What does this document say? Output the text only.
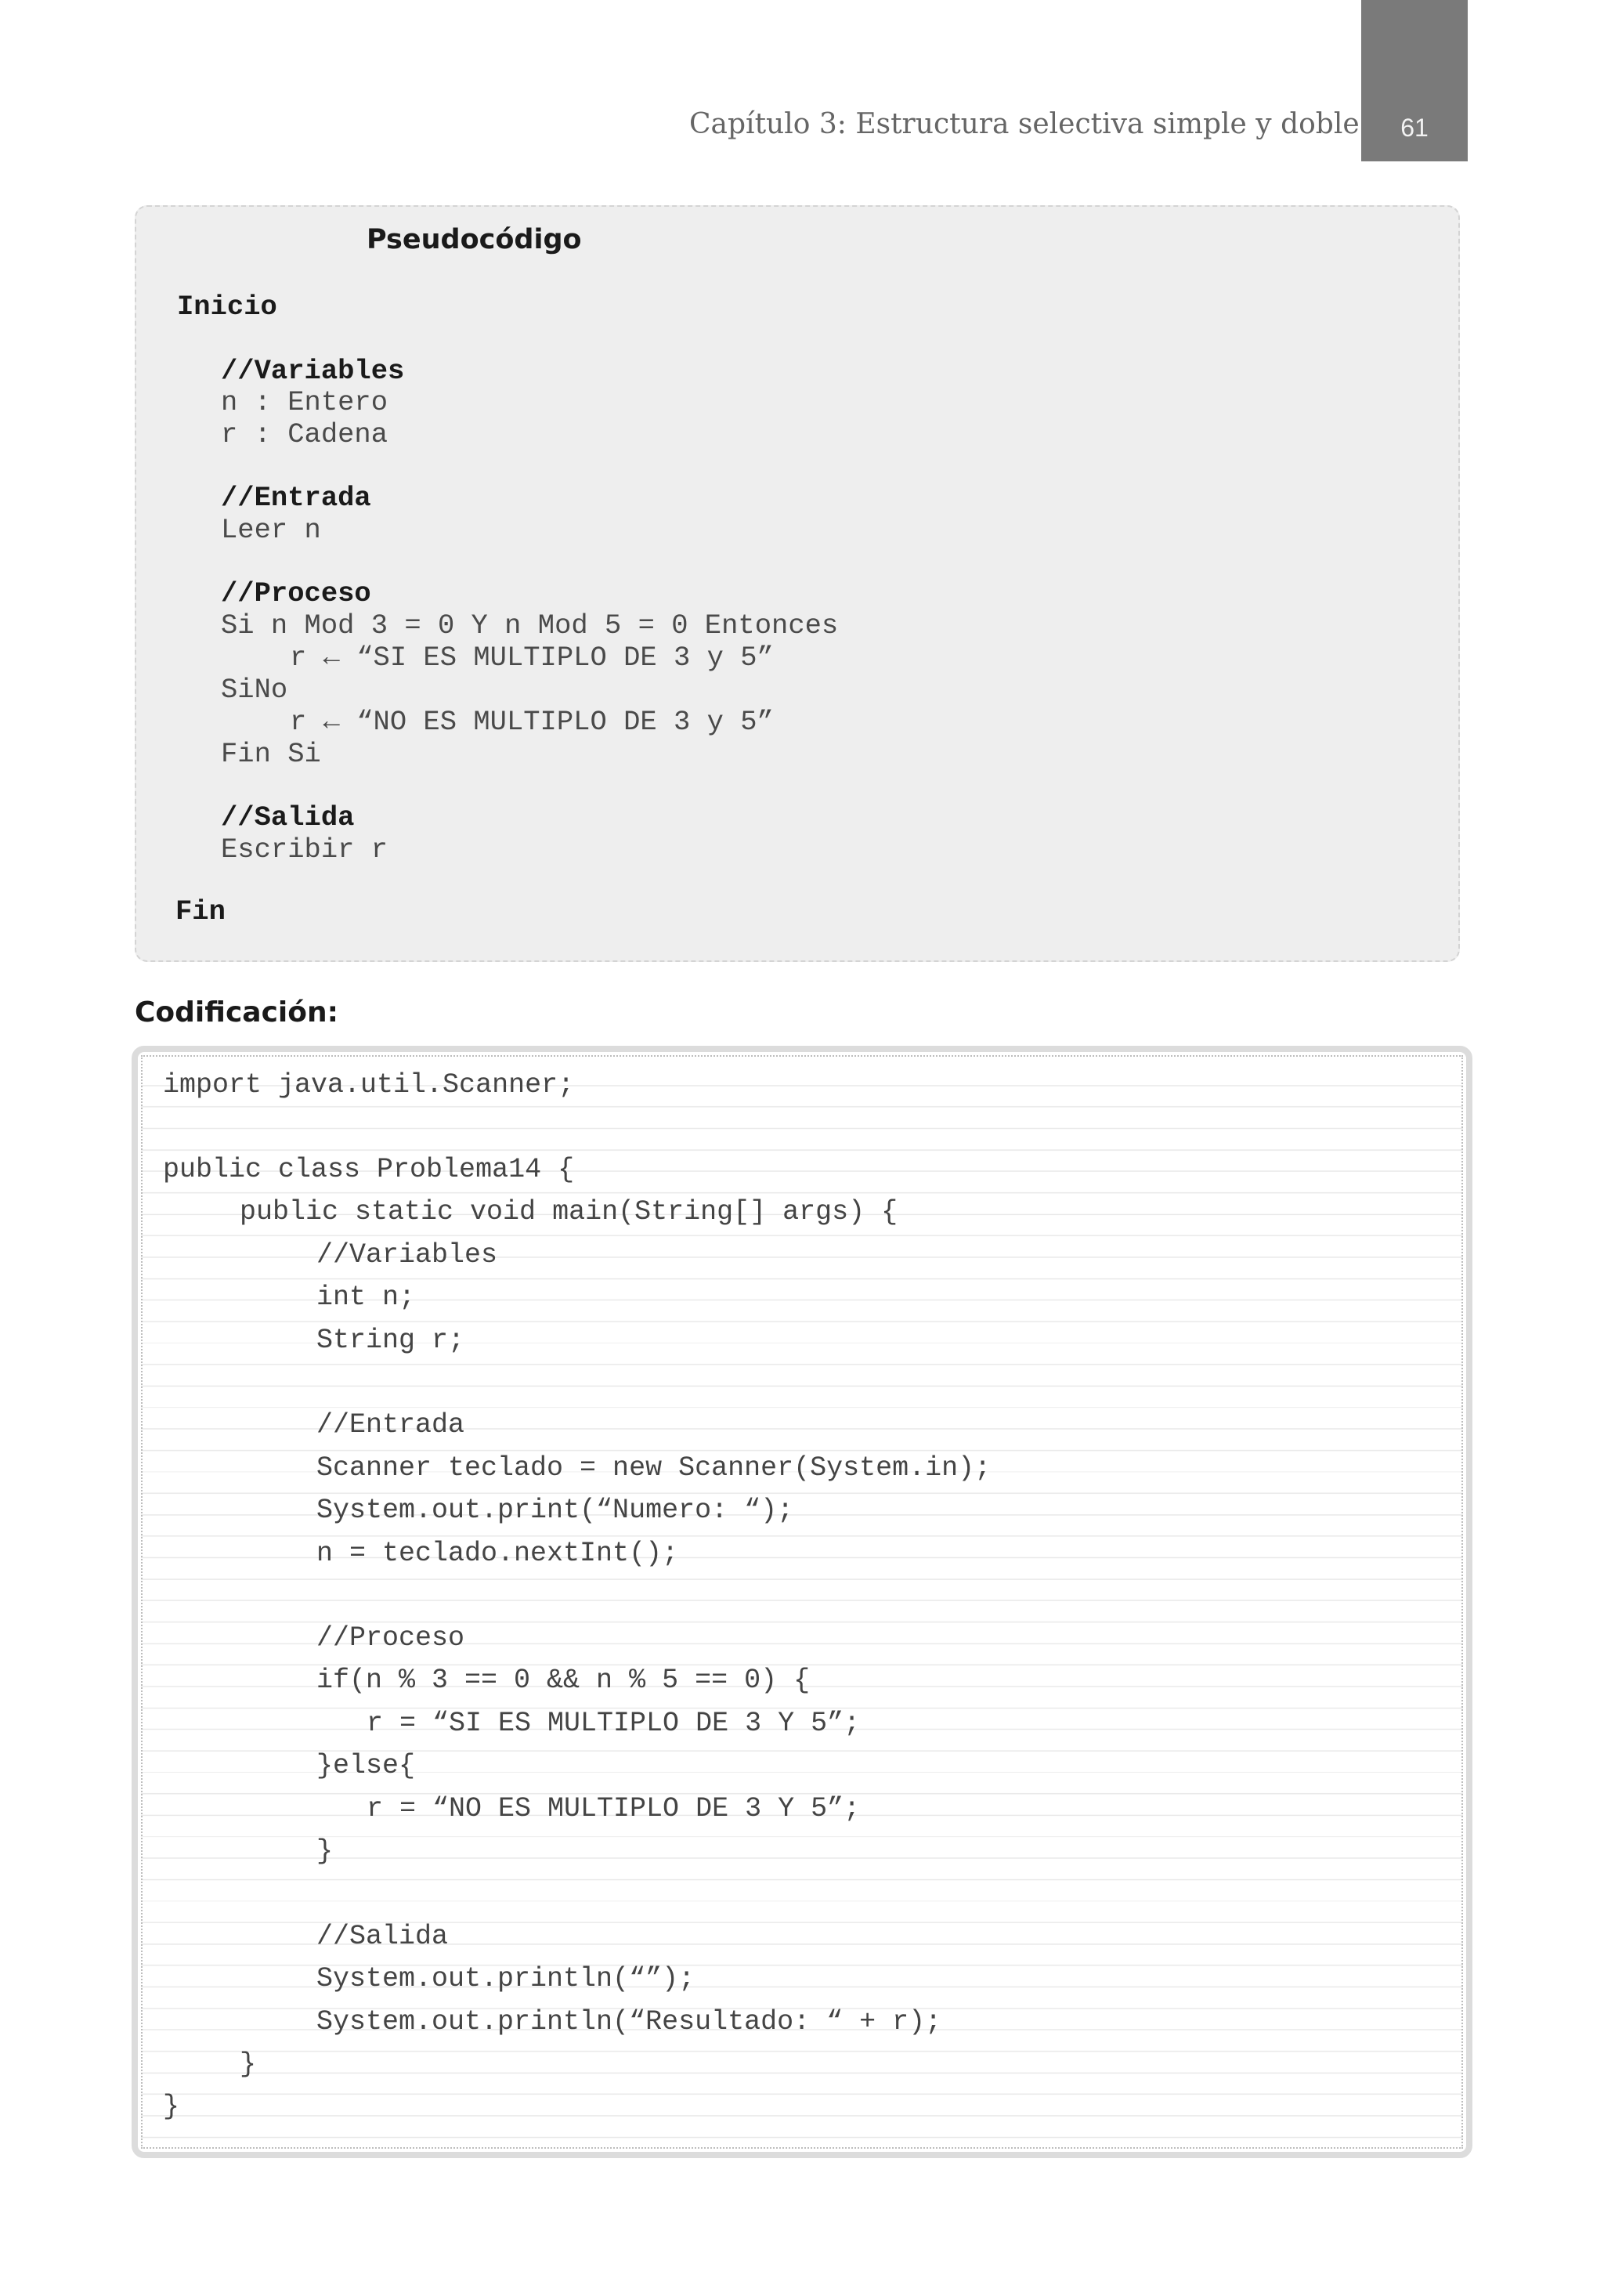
Capítulo 3: Estructura selectiva simple y doble	61
Pseudocódigo
Inicio
//Variables
n : Entero
r : Cadena
//Entrada
Leer n
//Proceso
Si n Mod 3 = 0 Y n Mod 5 = 0 Entonces
r ← “SI ES MULTIPLO DE 3 y 5”
SiNo
r ← “NO ES MULTIPLO DE 3 y 5”
Fin Si
//Salida
Escribir r
Fin
Codificación:
import java.util.Scanner;
public class Problema14 {
public static void main(String[] args) {
//Variables
int n;
String r;
//Entrada
Scanner teclado = new Scanner(System.in);
System.out.print(“Numero: “);
n = teclado.nextInt();
//Proceso
if(n % 3 == 0 && n % 5 == 0) {
r = “SI ES MULTIPLO DE 3 Y 5”;
}else{
r = “NO ES MULTIPLO DE 3 Y 5”;
}
//Salida
System.out.println(“”);
System.out.println(“Resultado: “ + r);
}
}
